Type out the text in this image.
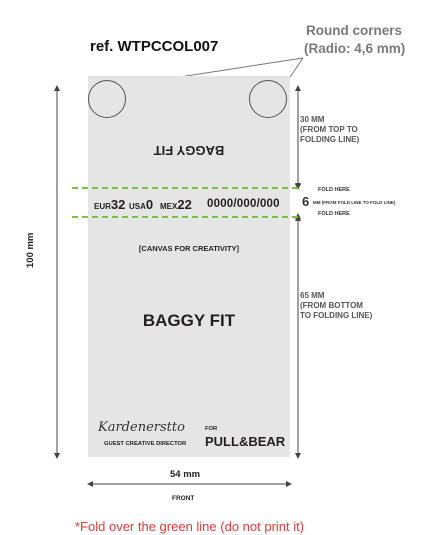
ref. WTPCCOL007
Round corners
(Radio: 4,6 mm)
BAGGY FIT
EUR32 USA0 MEX22 0000/000/000
[CANVAS FOR CREATIVITY]
BAGGY FIT
Kardenerstto
GUEST CREATIVE DIRECTOR
FOR
PULL&BEAR
30 MM
(FROM TOP TO
FOLDING LINE)
FOLD HERE
6 MM (FROM FOLD LINE TO FOLD LINE)
FOLD HERE
65 MM
(FROM BOTTOM
TO FOLDING LINE)
100 mm
54 mm
FRONT
*Fold over the green line (do not print it)
